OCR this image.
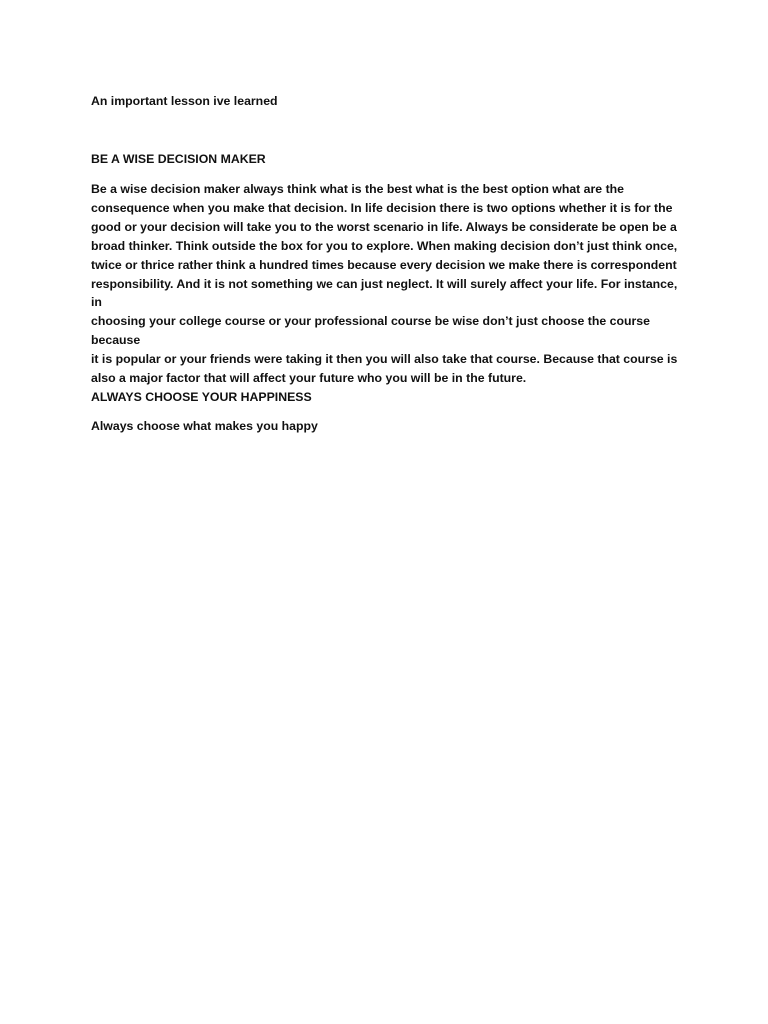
An important lesson ive learned
BE A WISE DECISION MAKER
Be a wise decision maker always think what is the best what is the best option what are the
consequence when you make that decision. In life decision there is two options whether it is for the
good or your decision will take you to the worst scenario in life. Always be considerate be open be a
broad thinker. Think outside the box for you to explore. When making decision don’t just think once,
twice or thrice rather think a hundred times because every decision we make there is correspondent
responsibility. And it is not something we can just neglect. It will surely affect your life. For instance, in
choosing your college course or your professional course be wise don’t just choose the course because
it is popular or your friends were taking it then you will also take that course. Because that course is
also a major factor that will affect your future who you will be in the future.
ALWAYS CHOOSE YOUR HAPPINESS
Always choose what makes you happy
